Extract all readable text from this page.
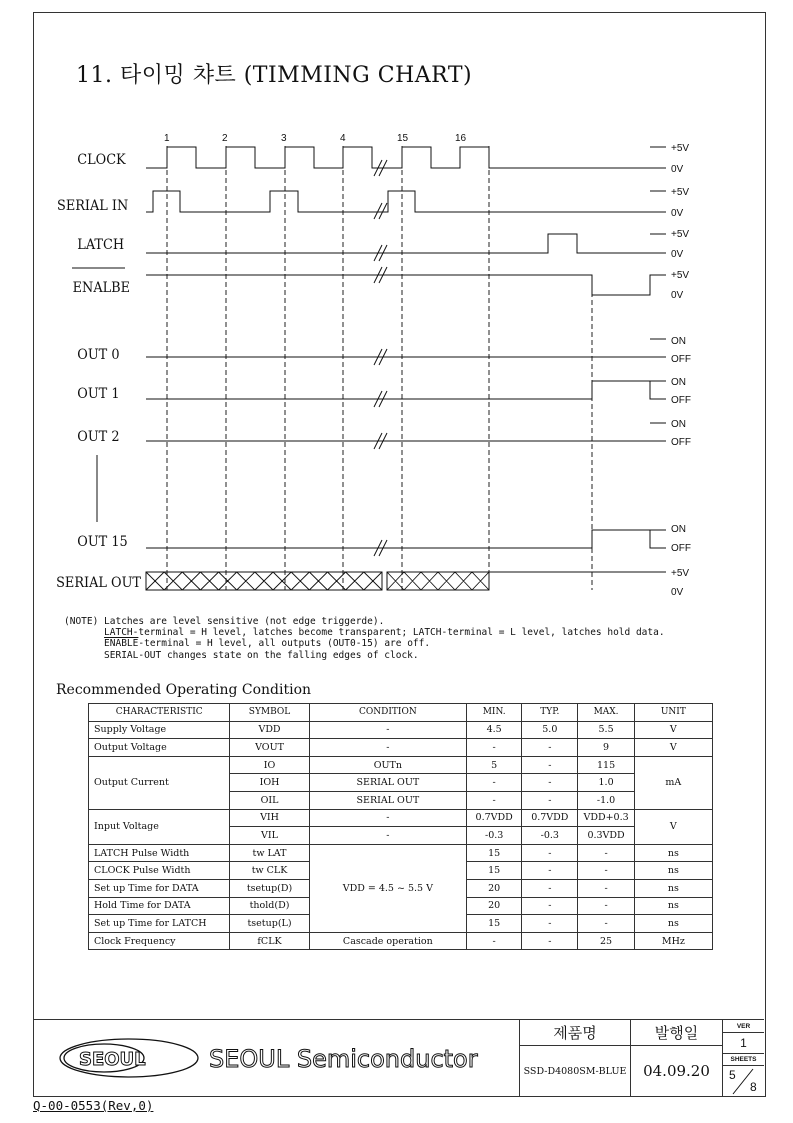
11. 타이밍 챠트 (TIMMING CHART)
1	2	3	4	15	16
CLOCK
SERIAL IN
LATCH
ENALBE
OUT 0
OUT 1
OUT 2
OUT 15
SERIAL OUT
+5V
0V
+5V
0V
+5V
0V
+5V
0V
ON
OFF
ON
OFF
ON
OFF
ON
OFF
+5V
0V
(NOTE) Latches are level sensitive (not edge triggerde).
LATCH-terminal = H level, latches become transparent; LATCH-terminal = L level, latches hold data.
ENABLE-terminal = H level, all outputs (OUT0-15) are off.
SERIAL-OUT changes state on the falling edges of clock.
Recommended Operating Condition
CHARACTERISTIC	SYMBOL	CONDITION	MIN.	TYP.	MAX.	UNIT
Supply Voltage	VDD	-	4.5	5.0	5.5	V
Output Voltage	VOUT	-	-	-	9	V
Output Current	IO	OUTn	5	-	115	mA
	IOH	SERIAL OUT	-	-	1.0	
	OIL	SERIAL OUT	-	-	-1.0	
Input Voltage	VIH	-	0.7VDD	0.7VDD	VDD+0.3	V
	VIL	-	-0.3	-0.3	0.3VDD	
LATCH Pulse Width	tw LAT	VDD = 4.5 ~ 5.5 V	15	-	-	ns
CLOCK Pulse Width	tw CLK		15	-	-	ns
Set up Time for DATA	tsetup(D)		20	-	-	ns
Hold Time for DATA	thold(D)		20	-	-	ns
Set up Time for LATCH	tsetup(L)		15	-	-	ns
Clock Frequency	fCLK	Cascade operation	-	-	25	MHz
SEOUL	SEOUL Semiconductor
제품명	발행일
SSD-D4080SM-BLUE	04.09.20
VER
1
SHEETS
5
8
Q-00-0553(Rev,0)
